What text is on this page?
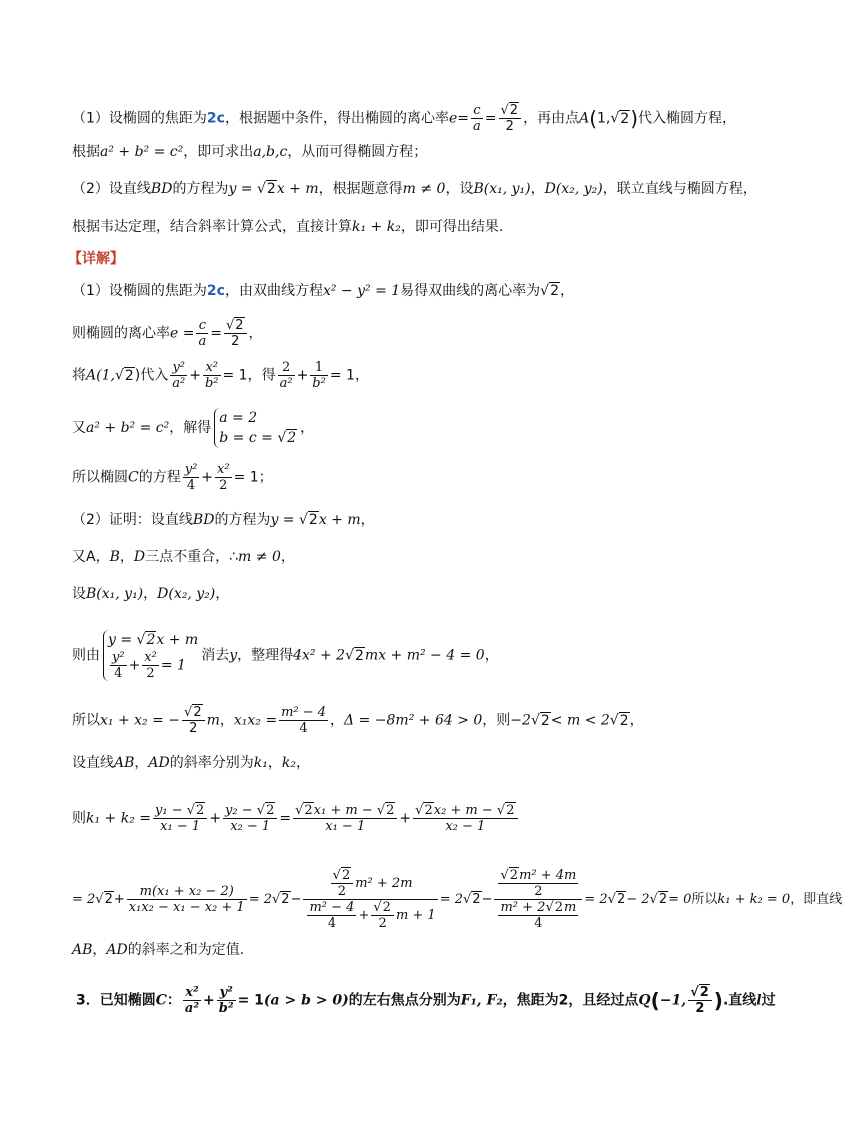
（1）设椭圆的焦距为2c，根据题中条件，得出椭圆的离心率$e= \frac{c}{a} = \frac{√2}{2}$ ，再由点A(1,√2)代入椭圆方程，
根据a² + b² = c²，即可求出a,b,c，从而可得椭圆方程；
（2）设直线BD的方程为y = √2x + m，根据题意得m ≠ 0，设B(x₁, y₁)，D(x₂, y₂)，联立直线与椭圆方程，
根据韦达定理，结合斜率计算公式，直接计算k₁ + k₂，即可得出结果.
【详解】
（1）设椭圆的焦距为2c，由双曲线方程x² − y² = 1易得双曲线的离心率为√2，
则椭圆的离心率$e = \frac{c}{a} = \frac{√2}{2}$ ，
将A(1,√2)代入 $\frac{\text{y²}}{\text{a²}} + \frac{\text{x²}}{\text{b²}} = 1$，得 $\frac{2}{\text{a²}} + \frac{1}{\text{b²}} = 1$，
又a² + b² = c²，解得
a = 2
b = c = √2
，
所以椭圆C的方程 $\frac{\text{y²}}{4} + \frac{\text{x²}}{2} = 1$；
（2）证明：设直线BD的方程为y = √2x + m，
又A，B，D三点不重合，∴m ≠ 0，
设B(x₁, y₁)，D(x₂, y₂)，
则由
y = √2x + m
$\frac{\text{y²}}{4} + \frac{\text{x²}}{2} = 1$
消去y，整理得4x² + 2√2mx + m² − 4 = 0，
所以x₁ + x₂ = − $\frac{√2}{2}$ m，$x_1x_2 = \frac{\text{m² − 4}}{4}$ ，Δ = −8m² + 64 > 0，则−2√2< m < 2√2，
设直线AB，AD的斜率分别为k₁，k₂，
则$k_1 + k_2 = \frac{\text{y₁ − √2}}{\text{x₁ − 1}} + \frac{\text{y₂ − √2}}{\text{x₂ − 1}} = \frac{\text{√2x₁ + m − √2}}{\text{x₁ − 1}} + \frac{\text{√2x₂ + m − √2}}{\text{x₂ − 1}}$
= $2√2+ \frac{\text{m(x₁ + x₂ − 2)}}{\text{x₁x₂ − x₁ − x₂ + 1}} = 2√2- \frac{\frac{√2}{2} m^2 + 2m}{\frac{\text{m² − 4}}{4} + \frac{√2}{2} m + 1} = 2√2- \frac{\frac{\text{√2m² + 4m}}{2}}{\frac{\text{m² + 2√2m}}{4}} = 2√2- 2√2= 0$所以k₁ + k₂ = 0，即直线
AB，AD的斜率之和为定值.
3．已知椭圆C： $\frac{\text{x²}}{\text{a²}} + \frac{\text{y²}}{\text{b²}} = 1(a > b > 0)$的左右焦点分别为F₁, F₂，焦距为2，且经过点Q(−1, $\frac{√2}{2}$ ).直线l过
